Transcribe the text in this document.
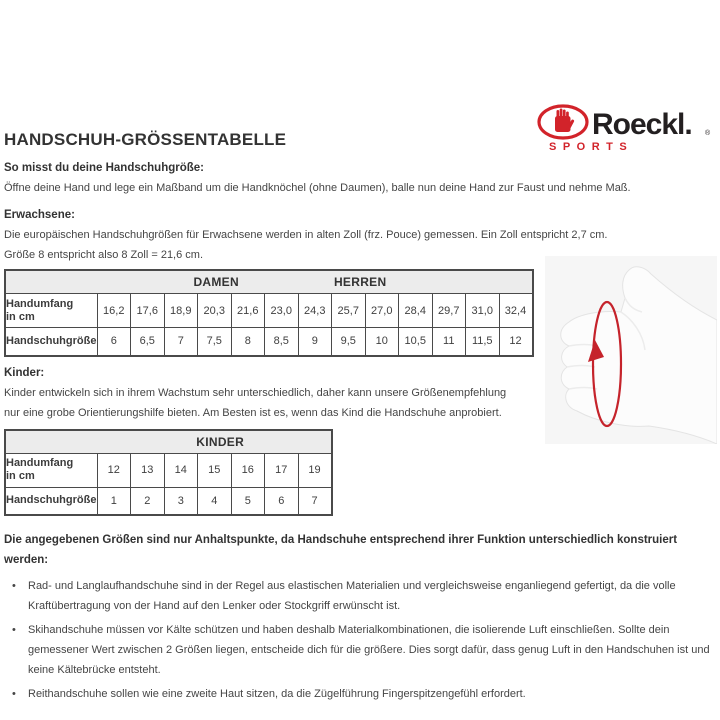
HANDSCHUH-GRÖSSENTABELLE	Roeckl. ®
SPORTS
So misst du deine Handschuhgröße:
Öffne deine Hand und lege ein Maßband um die Handknöchel (ohne Daumen), balle nun deine Hand zur Faust und nehme Maß.
Erwachsene:
Die europäischen Handschuhgrößen für Erwachsene werden in alten Zoll (frz. Pouce) gemessen. Ein Zoll entspricht 2,7 cm.
Größe 8 entspricht also 8 Zoll = 21,6 cm.
DAMEN HERREN													

Handumfang
in cm	16,2	17,6	18,9	20,3	21,6	23,0	24,3	25,7	27,0	28,4	29,7	31,0	32,4
Handschuhgröße	6	6,5	7	7,5	8	8,5	9	9,5	10	10,5	11	11,5	12
Kinder:
Kinder entwickeln sich in ihrem Wachstum sehr unterschiedlich, daher kann unsere Größenempfehlung
nur eine grobe Orientierungshilfe bieten. Am Besten ist es, wenn das Kind die Handschuhe anprobiert.
KINDER							

Handumfang
in cm	12	13	14	15	16	17	19
Handschuhgröße	1	2	3	4	5	6	7
Die angegebenen Größen sind nur Anhaltspunkte, da Handschuhe entsprechend ihrer Funktion unterschiedlich konstruiert werden:
• Rad- und Langlaufhandschuhe sind in der Regel aus elastischen Materialien und vergleichsweise enganliegend gefertigt, da die volle Kraftübertragung von der Hand auf den Lenker oder Stockgriff erwünscht ist.
• Skihandschuhe müssen vor Kälte schützen und haben deshalb Materialkombinationen, die isolierende Luft einschließen. Sollte dein gemessener Wert zwischen 2 Größen liegen, entscheide dich für die größere. Dies sorgt dafür, dass genug Luft in den Handschuhen ist und keine Kältebrücke entsteht.
• Reithandschuhe sollen wie eine zweite Haut sitzen, da die Zügelführung Fingerspitzengefühl erfordert.
